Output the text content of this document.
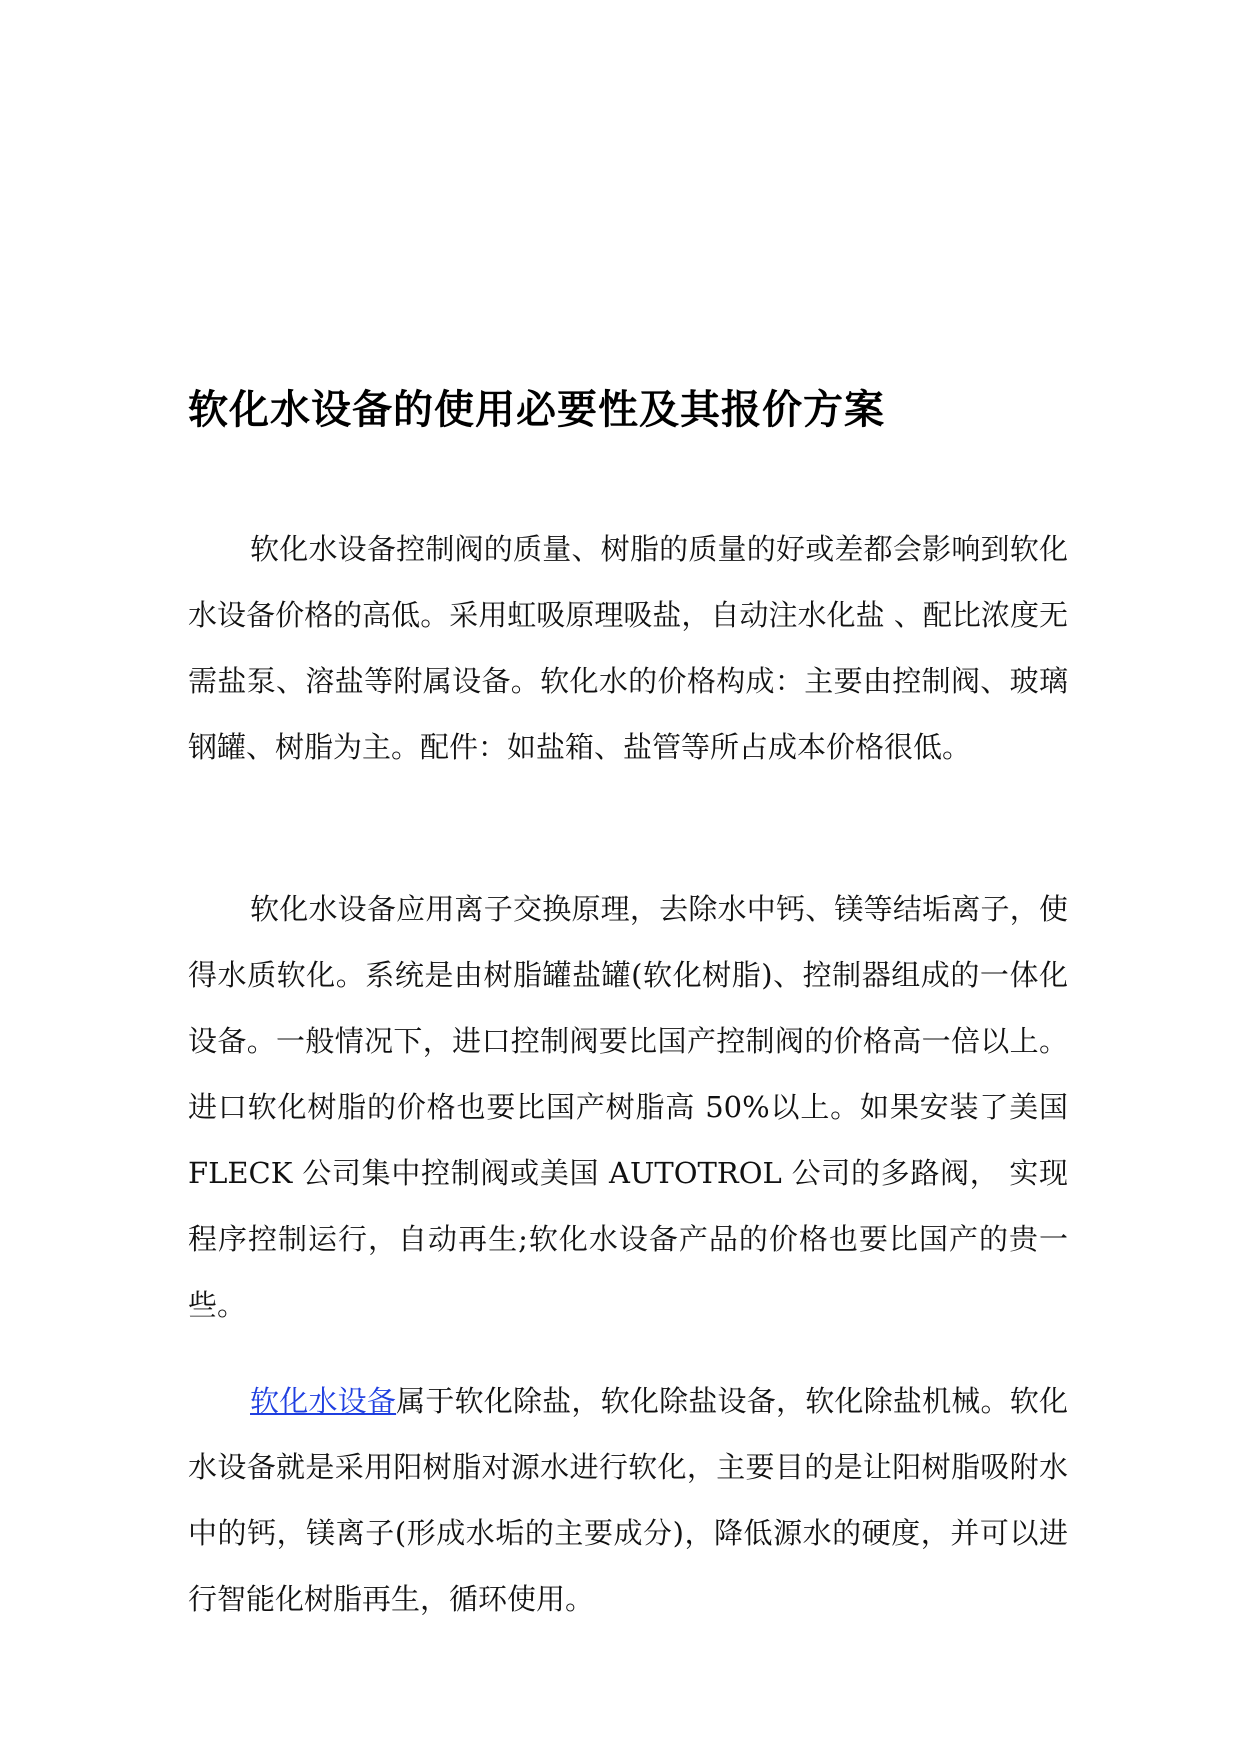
软化水设备的使用必要性及其报价方案

软化水设备控制阀的质量、树脂的质量的好或差都会影响到软化水设备价格的高低。采用虹吸原理吸盐，自动注水化盐 、配比浓度无需盐泵、溶盐等附属设备。软化水的价格构成：主要由控制阀、玻璃钢罐、树脂为主。配件：如盐箱、盐管等所占成本价格很低。

软化水设备应用离子交换原理，去除水中钙、镁等结垢离子，使得水质软化。系统是由树脂罐盐罐(软化树脂)、控制器组成的一体化设备。一般情况下，进口控制阀要比国产控制阀的价格高一倍以上。进口软化树脂的价格也要比国产树脂高 50%以上。如果安装了美国 FLECK 公司集中控制阀或美国 AUTOTROL 公司的多路阀， 实现程序控制运行，自动再生;软化水设备产品的价格也要比国产的贵一些。

软化水设备属于软化除盐，软化除盐设备，软化除盐机械。软化水设备就是采用阳树脂对源水进行软化，主要目的是让阳树脂吸附水中的钙，镁离子(形成水垢的主要成分)，降低源水的硬度，并可以进行智能化树脂再生，循环使用。
